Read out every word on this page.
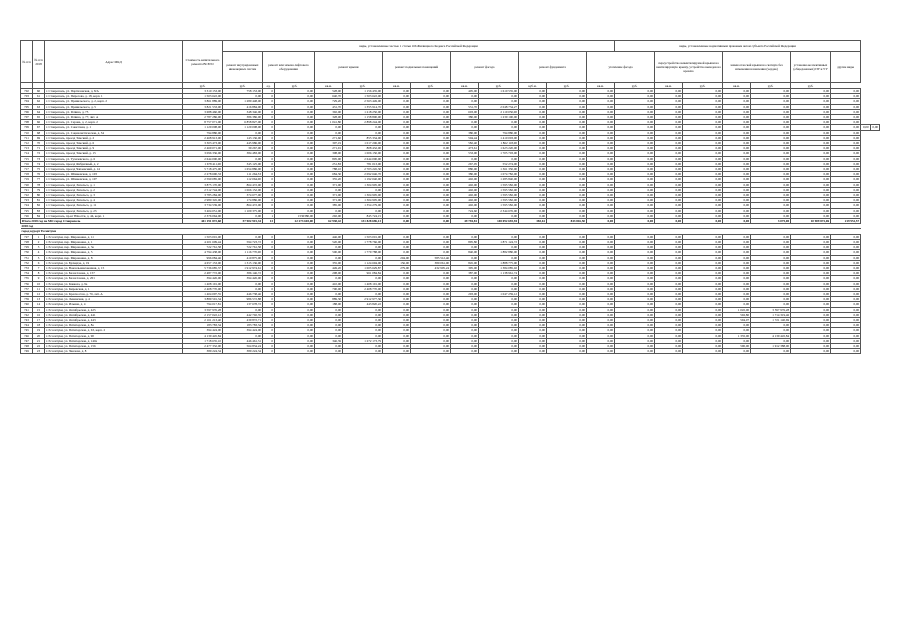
№ п/п	№ п/п 2018	Адрес МКД	Стоимость капитального ремонта ВСЕГО	виды, установленные частью 1 статьи 166 Жилищного Кодекса Российской Федерации												виды, установленные нормативным правовым актом субъекта Российской Федерации								
				ремонт внутридомовых инженерных систем	ремонт или замена лифтового оборудования		ремонт крыши		ремонт подвальных помещений		ремонт фасада		ремонт фундамента		утепление фасада		переустройство невентилируемой крыши на вентилируемую крышу, устройство выходов на кровлю		замена плоской крыши на скатную без изменения назначения (чердак)		установка коллективных (общедомовых) ПУ и УУ	другие виды		
			руб.	руб.	ед.	руб.	кв.м.	руб.	кв.м.	руб.	кв.м.	руб.	куб.м.	руб.	кв.м.	руб.	кв.м.	руб.	кв.м.	руб.	руб.			
702	60	г. Ставрополь, ул. Партизанская, д. 8/А	3 310 153,00	758 153,00	0	0,00	528,00	1 156 435,00	0,00	0,00	405,00	1 610 535,00	0,00	0,00	0,00	0,00	0,00	0,00	0,00	0,00	0,00	0,00		
703	61	г. Ставрополь, ул. Пирогова, д. 18, корп. 1	1 503 622,00	0,00	0	0,00	640,70	1 503 622,00	0,00	0,00	0,00	0,00	0,00	0,00	0,00	0,00	0,00	0,00	0,00	0,00	0,00	0,00		
704	62	г. Ставрополь, ул. Правильского, д. 2, корп. 2	3 861 889,00	1 289 448,00	0	0,00	729,20	2 563 449,00	0,00	0,00	0,00	0,00	0,00	0,00	0,00	0,00	0,00	0,00	0,00	0,00	0,00	0,00		
705	63	г. Ставрополь, ул. Правильского, д. 5	3 821 533,00	416 884,00	0	0,00	431,70	1 355 914,70	0,00	0,00	531,70	2 048 734,27	0,00	0,00	0,00	0,00	0,00	0,00	0,00	0,00	0,00	0,00		
706	64	г. Ставрополь, ул. Репина, д. 75	3 688 460,00	348 346,00	0	0,00	392,00	1 218 250,00	0,00	0,00	603,00	2 119 050,00	0,00	0,00	0,00	0,00	0,00	0,00	0,00	0,00	0,00	0,00		
707	65	г. Ставрополь, ул. Репина, д. 77, лит. А	2 787 286,00	386 386,00	0	0,00	328,00	1 158 800,00	0,00	0,00	380,00	1 239 100,00	0,00	0,00	0,00	0,00	0,00	0,00	0,00	0,00	0,00	0,00		
708	66	г. Ставрополь, ул. Серова, д. 2, корп. 2	8 757 071,00	6 858 827,00	0	0,00	1 041,80	2 898 244,00	0,00	0,00	0,00	0,00	0,00	0,00	0,00	0,00	0,00	0,00	0,00	0,00	0,00	0,00		
709	67	г. Ставрополь, ул. Советская, д. 1	1 129 008,00	1 129 008,00	0	0,00	0,00	0,00	0,00	0,00	0,00	0,00	0,00	0,00	0,00	0,00	0,00	0,00	0,00	0,00	0,00	0,00	0,00	0,00
710	68	г. Ставрополь, ул. Социалистическая, д. 34	794 880,00	0,00	0	0,00	0,00	0,00	0,00	0,00	380,00	794 880,00	0,00	0,00	0,00	0,00	0,00	0,00	0,00	0,00	0,00	0,00		
711	69	г. Ставрополь, проезд Томский, д. 2	2 468 913,00	143 136,00	0	0,00	271,60	855 334,00	0,00	0,00	504,44	1 410 003,00	0,00	0,00	0,00	0,00	0,00	0,00	0,00	0,00	0,00	0,00		
712	70	г. Ставрополь, проезд Томский, д. 6	3 303 473,00	445 986,00	0	0,00	307,19	1 017 206,00	0,00	0,00	582,40	1 862 118,00	0,00	0,00	0,00	0,00	0,00	0,00	0,00	0,00	0,00	0,00		
713	71	г. Ставрополь, проезд Томский, д. 9	2 469 071,00	39 267,00	0	0,00	271,91	808 432,00	0,00	0,00	473,61	1 623 220,00	0,00	0,00	0,00	0,00	0,00	0,00	0,00	0,00	0,00	0,00		
714	72	г. Ставрополь, проезд Томский, д. 15	3 096 336,00	384 483,00	0	0,00	308,00	1 006 150,00	0,00	0,00	533,00	1 705 703,00	0,00	0,00	0,00	0,00	0,00	0,00	0,00	0,00	0,00	0,00		
715	73	г. Ставрополь, ул. Тухачевского, д. 6	2 644 000,00	0,00	0	0,00	805,00	2 644 000,00	0,00	0,00	0,00	0,00	0,00	0,00	0,00	0,00	0,00	0,00	0,00	0,00	0,00	0,00		
716	74	г. Ставрополь, проезд Фабричный, д. 2	1 678 411,00	345 125,00	0	0,00	251,83	781 013,00	0,00	0,00	267,05	552 274,00	0,00	0,00	0,00	0,00	0,00	0,00	0,00	0,00	0,00	0,00		
717	75	г. Ставрополь, проезд Чапаевский, д. 14	5 718 475,00	1 654 886,00	0	0,00	788,10	2 703 245,30	0,00	0,00	880,00	1 361 350,00	0,00	0,00	0,00	0,00	0,00	0,00	0,00	0,00	0,00	0,00		
718	76	г. Ставрополь, ул. Шпаковская, д. 103	2 278 690,33	111 264,33	0	0,00	684,30	2 092 646,70	0,00	0,00	380,00	1 074 782,00	0,00	0,00	0,00	0,00	0,00	0,00	0,00	0,00	0,00	0,00		
719	77	г. Ставрополь, ул. Шпаковская, д. 107	2 590 085,00	112 064,00	0	0,00	355,20	1 192 040,00	0,00	0,00	402,00	1 285 840,00	0,00	0,00	0,00	0,00	0,00	0,00	0,00	0,00	0,00	0,00		
720	78	г. Ставрополь, проезд Энгельса, д. 1	3 875 170,00	864 472,00	0	0,00	371,00	1 304 905,00	0,00	0,00	402,00	1 595 582,00	0,00	0,00	0,00	0,00	0,00	0,00	0,00	0,00	0,00	0,00		
721	79	г. Ставрополь, проезд Энгельса, д. 2	2 512 744,00	1 066 152,00	0	0,00	0,00	0,00	0,00	0,00	402,00	1 595 582,00	0,00	0,00	0,00	0,00	0,00	0,00	0,00	0,00	0,00	0,00		
722	80	г. Ставрополь, проезд Энгельса, д. 3	3 785 284,00	374 677,00	0	0,00	371,00	1 304 905,00	0,00	0,00	402,00	1 595 582,00	0,00	0,00	0,00	0,00	0,00	0,00	0,00	0,00	0,00	0,00		
723	81	г. Ставрополь, проезд Энгельса, д. 4	2 980 345,00	174 886,00	0	0,00	371,00	1 304 905,00	0,00	0,00	402,00	1 595 582,00	0,00	0,00	0,00	0,00	0,00	0,00	0,00	0,00	0,00	0,00		
724	82	г. Ставрополь, проезд Энгельса, д. 11	3 734 539,00	864 472,00	0	0,00	385,00	1 354 279,00	0,00	0,00	402,00	1 595 582,00	0,00	0,00	0,00	0,00	0,00	0,00	0,00	0,00	0,00	0,00		
725	83	г. Ставрополь, проезд Энгельса, д. 23	3 404 051,00	1 109 375,00	0	0,00	0,00	0,00	0,00	0,00	724,60	2 344 676,00	0,00	0,00	0,00	0,00	0,00	0,00	0,00	0,00	0,00	0,00		
726	84	г. Ставрополь, пр-кт Юности, д. 44, корп. 1	2 376 064,00	0,00	1	1530380,00	292,00	845 724,15	0,00	0,00	0,00	0,00	0,00	0,00	0,00	0,00	0,00	0,00	0,00	0,00	0,00	0,00		
Итого 2018 год по МО город Ставрополь			441 191 872,68	57 902 915,34	13	22 273 603,00	62 938,42	131 828 696,13	0,00	0,00	49 794,81	148 092 693,94	383,61	843 816,50	0,00	0,00	0,00	0,00	0,00	3 075,00	10 909 872,06	219 951,57		
2018 год																								
город курорт Ессентуки																								
727	1	г. Ессентуки, пер. Мироновка, д. 11	1 503 001,00	0,00	0	0,00	446,00	1 503 001,00	0,00	0,00	0,00	0,00	0,00	0,00	0,00	0,00	0,00	0,00	0,00	0,00	0,00	0,00		
728	2	г. Ессентуки, пер. Мироновка, д. 1	4 201 609,44	594 723,72	0	0,00	520,00	1 778 766,00	0,00	0,00	895,80	1 871 124,72	0,00	0,00	0,00	0,00	0,00	0,00	0,00	0,00	0,00	0,00		
729	3	г. Ессентуки, пер. Мироновка, д. 3а	722 761,58	722 761,58	0	0,00	0,00	0,00	0,00	0,00	0,00	0,00	0,00	0,00	0,00	0,00	0,00	0,00	0,00	0,00	0,00	0,00		
730	4	г. Ессентуки, пер. Мироновка, д. 5	4 794 438,00	1 116 770,00	0	0,00	500,00	1 779 788,00	0,00	0,00	840,00	1 882 880,00	0,00	0,00	0,00	0,00	0,00	0,00	0,00	0,00	0,00	0,00		
731	5	г. Ессентуки, пер. Мироновка, д. 8	996 084,46	410 875,00	0	0,00	0,00	0,00	204,00	585 512,46	0,00	0,00	0,00	0,00	0,00	0,00	0,00	0,00	0,00	0,00	0,00	0,00		
732	6	г. Ессентуки, ул. Буачидзе, д. 19	4 657 153,00	1 315 136,00	0	0,00	355,00	1 124 694,00	156,00	380 061,00	845,00	1 888 775,00	0,00	0,00	0,00	0,00	0,00	0,00	0,00	0,00	0,00	0,00		
733	7	г. Ессентуки, ул. Вокзальная/оконная, д. 15	5 736 685,37	1 912 974,61	0	0,00	449,20	1 005 629,87	279,00	432 905,24	395,00	1 384 085,02	0,00	0,00	0,00	0,00	0,00	0,00	0,00	0,00	0,00	0,00		
734	8	г. Ессентуки, ул. Белоглазова, д. 157	2 487 772,00	386 146,72	0	0,00	298,00	961 084,84	0,00	0,00	387,00	1 138 961,74	0,00	0,00	0,00	0,00	0,00	0,00	0,00	0,00	0,00	0,00		
735	9	г. Ессентуки, ул. Белоглазова, д. 201	394 426,00	394 426,00	0	0,00	0,00	0,00	0,00	0,00	0,00	0,00	0,00	0,00	0,00	0,00	0,00	0,00	0,00	0,00	0,00	0,00		
736	10	г. Ессентуки, ул. Кавказа, д. 9а	1 408 191,00	0,00	0	0,00	410,00	1 408 191,00	0,00	0,00	0,00	0,00	0,00	0,00	0,00	0,00	0,00	0,00	0,00	0,00	0,00	0,00		
737	11	г. Ессентуки, ул. Кировская, д. 1	2 408 770,00	0,00	0	0,00	700,00	2 408 770,00	0,00	0,00	0,00	0,00	0,00	0,00	0,00	0,00	0,00	0,00	0,00	0,00	0,00	0,00		
738	12	г. Ессентуки, ул. Красностов, д. 76, лит. А	1 404 097,55	446 738,46	0	0,00	0,00	0,00	0,00	0,00	293,00	1 047 259,12	0,00	0,00	0,00	0,00	0,00	0,00	0,00	0,00	0,00	0,00		
739	13	г. Ессентуки, ул. Ленинская, д. 4	3 889 591,34	986 572,88	0	0,00	889,30	2 912 977,36	0,00	0,00	0,00	0,00	0,00	0,00	0,00	0,00	0,00	0,00	0,00	0,00	0,00	0,00		
740	14	г. Ессентуки, ул. Ильина, д. 4	794 017,81	137 678,72	0	0,00	188,00	443 820,22	0,00	0,00	0,00	0,00	0,00	0,00	0,00	0,00	0,00	0,00	0,00	0,00	0,00	0,00		
741	15	г. Ессентуки, ул. Октябрьская, д. 425	3 597 976,28	0,00	0	0,00	0,00	0,00	0,00	0,00	0,00	0,00	0,00	0,00	0,00	0,00	0,00	0,00	1 045,00	3 597 976,28	0,00	0,00		
742	16	г. Ессентуки, ул. Октябрьская, д. 441	2 157 022,12	442 702,35	0	0,00	0,00	0,00	0,00	0,00	0,00	0,00	0,00	0,00	0,00	0,00	0,00	0,00	592,80	1 714 319,46	0,00	0,00		
743	17	г. Ессентуки, ул. Октябрьская, д. 443	2 161 213,40	439 872,71	0	0,00	0,00	0,00	0,00	0,00	0,00	0,00	0,00	0,00	0,00	0,00	0,00	0,00	594,07	1 721 140,69	0,00	0,00		
744	18	г. Ессентуки, ул. Пятигорская, д. 8а	183 783,34	183 783,34	0	0,00	0,00	0,00	0,00	0,00	0,00	0,00	0,00	0,00	0,00	0,00	0,00	0,00	0,00	0,00	0,00	0,00		
745	19	г. Ессентуки, ул. Пятигорская, д. 63, корп. 2	394 424,00	394 424,00	0	0,00	0,00	0,00	0,00	0,00	0,00	0,00	0,00	0,00	0,00	0,00	0,00	0,00	0,00	0,00	0,00	0,00		
746	20	г. Ессентуки, ул. Пятигорская, д. 90	4 139 445,84	0,00	0	0,00	0,00	0,00	0,00	0,00	0,00	0,00	0,00	0,00	0,00	0,00	0,00	0,00	1 335,00	4 139 445,84	0,00	0,00		
747	21	г. Ессентуки, ул. Пятигорская, д. 140а	1 718 635,10	446 461,31	0	0,00	346,39	1 272 173,79	0,00	0,00	0,00	0,00	0,00	0,00	0,00	0,00	0,00	0,00	0,00	0,00	0,00	0,00		
748	22	г. Ессентуки, ул. Пятигорская, д. 156	2 477 332,00	564 834,24	0	0,00	0,00	0,00	0,00	0,00	0,00	0,00	0,00	0,00	0,00	0,00	0,00	0,00	590,00	1 912 388,00	0,00	0,00		
749	23	г. Ессентуки, ул. Чкалова, д. 8	389 224,34	389 224,34	0	0,00	0,00	0,00	0,00	0,00	0,00	0,00	0,00	0,00	0,00	0,00	0,00	0,00	0,00	0,00	0,00	0,00		
